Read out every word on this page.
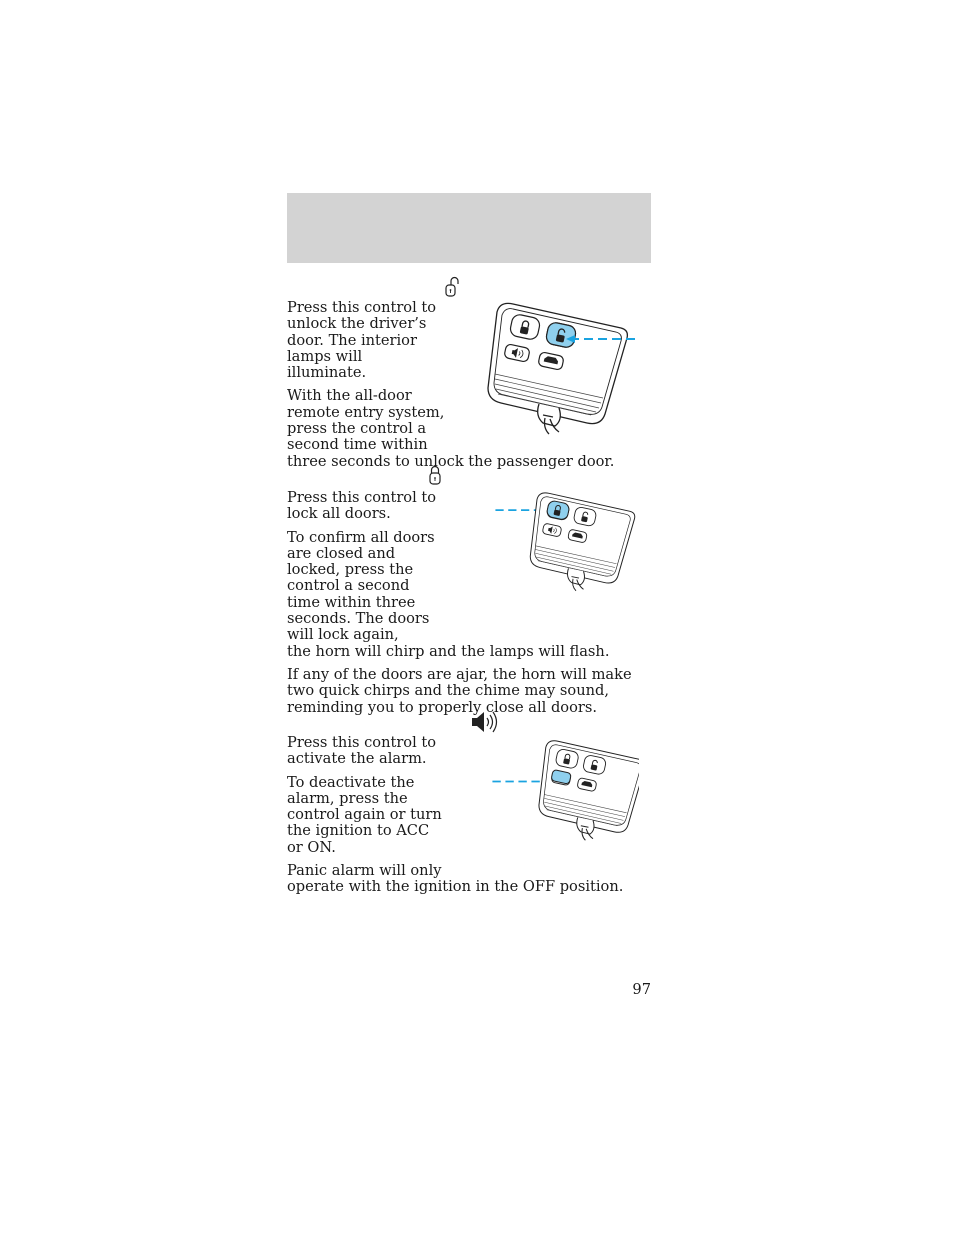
Press this control to unlock the driver’s door. The interior lamps will illuminate.

With the all-door remote entry system, press the control a second time within

three seconds to unlock the passenger door.

Press this control to lock all doors.

To confirm all doors are closed and locked, press the control a second time within three seconds. The doors will lock again,

the horn will chirp and the lamps will flash.

If any of the doors are ajar, the horn will make two quick chirps and the chime may sound, reminding you to properly close all doors.

Press this control to activate the alarm.

To deactivate the alarm, press the control again or turn the ignition to ACC or ON.

Panic alarm will only

operate with the ignition in the OFF position.

97
